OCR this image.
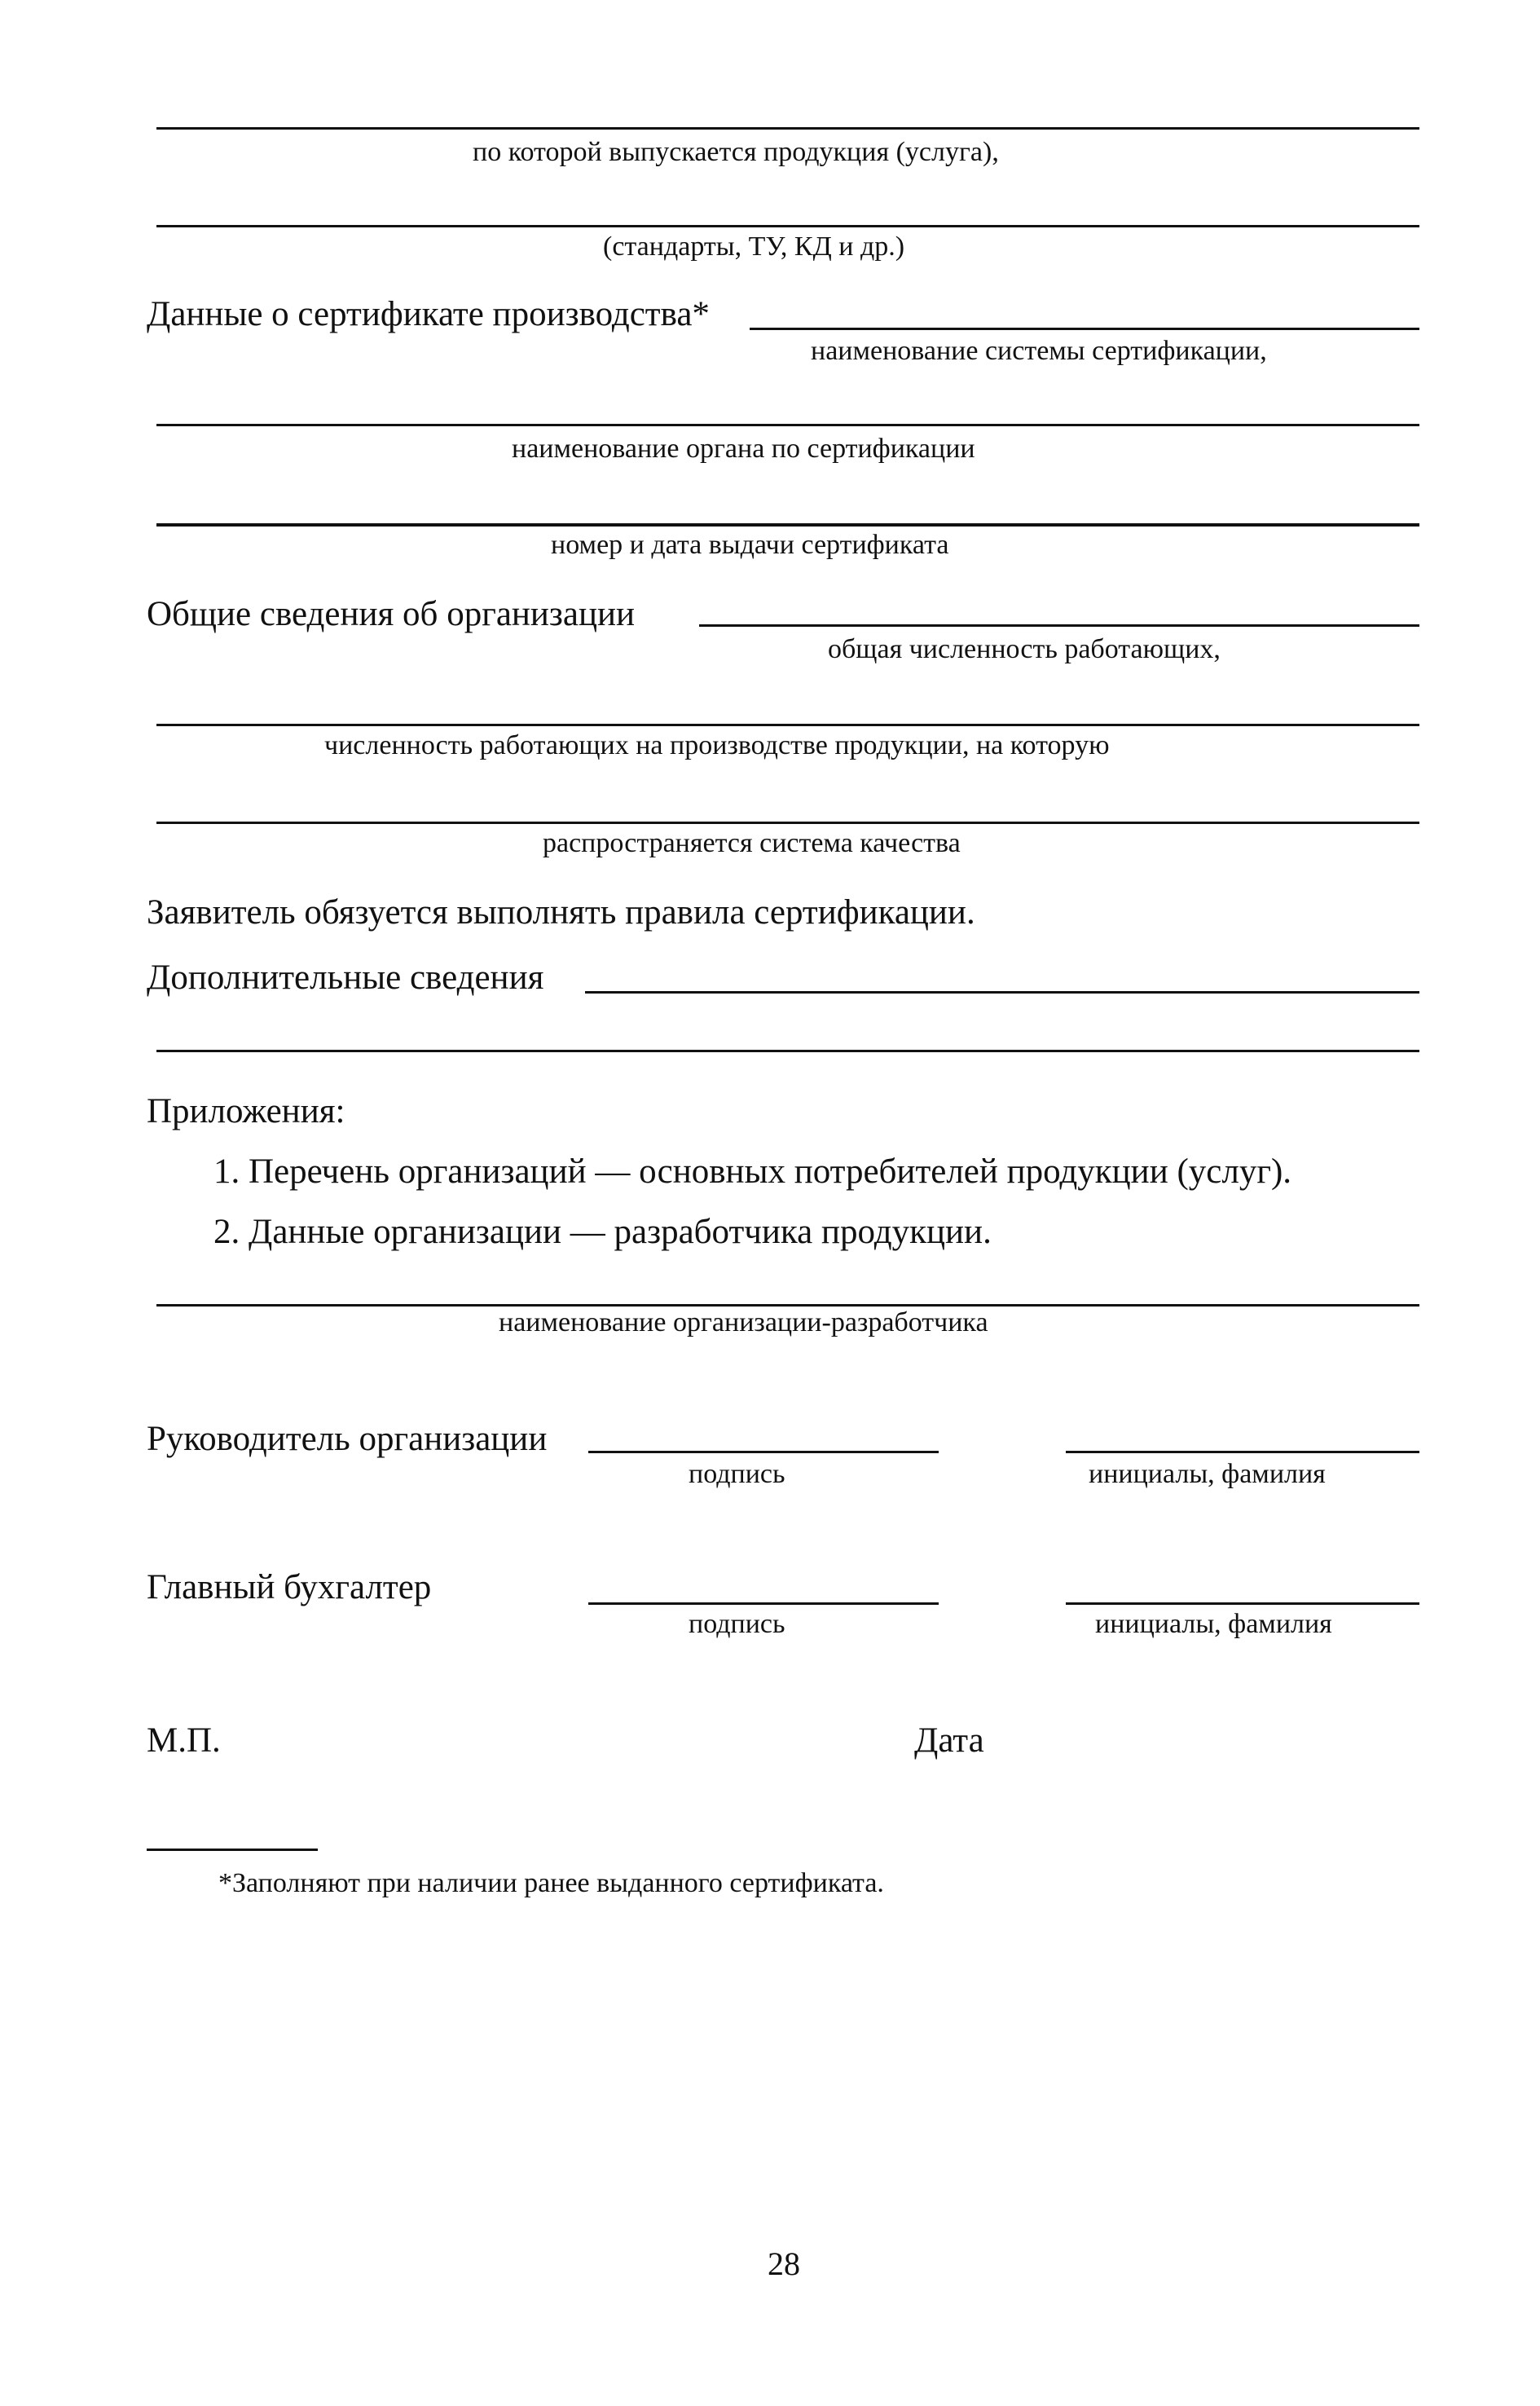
по которой выпускается продукция (услуга),
(стандарты, ТУ, КД и др.)
Данные о сертификате производства*
наименование системы сертификации,
наименование органа по сертификации
номер и дата выдачи сертификата
Общие сведения об организации
общая численность работающих,
численность работающих на производстве продукции, на которую
распространяется система качества
Заявитель обязуется выполнять правила сертификации.
Дополнительные сведения
Приложения:
1. Перечень организаций — основных потребителей продукции (услуг).
2. Данные организации — разработчика продукции.
наименование организации-разработчика
Руководитель организации
подпись	инициалы, фамилия
Главный бухгалтер
подпись	инициалы, фамилия
М.П.	Дата
*Заполняют при наличии ранее выданного сертификата.
28
